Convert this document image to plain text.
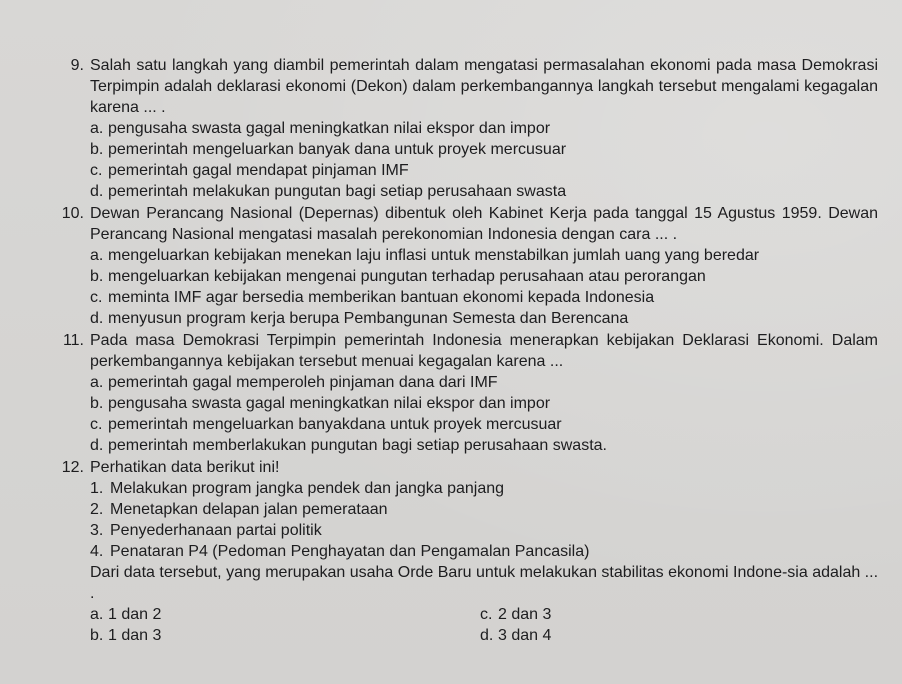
9. Salah satu langkah yang diambil pemerintah dalam mengatasi permasalahan ekonomi pada masa Demokrasi Terpimpin adalah deklarasi ekonomi (Dekon) dalam perkembangannya langkah tersebut mengalami kegagalan karena ... .
a. pengusaha swasta gagal meningkatkan nilai ekspor dan impor
b. pemerintah mengeluarkan banyak dana untuk proyek mercusuar
c. pemerintah gagal mendapat pinjaman IMF
d. pemerintah melakukan pungutan bagi setiap perusahaan swasta
10. Dewan Perancang Nasional (Depernas) dibentuk oleh Kabinet Kerja pada tanggal 15 Agustus 1959. Dewan Perancang Nasional mengatasi masalah perekonomian Indonesia dengan cara ... .
a. mengeluarkan kebijakan menekan laju inflasi untuk menstabilkan jumlah uang yang beredar
b. mengeluarkan kebijakan mengenai pungutan terhadap perusahaan atau perorangan
c. meminta IMF agar bersedia memberikan bantuan ekonomi kepada Indonesia
d. menyusun program kerja berupa Pembangunan Semesta dan Berencana
11. Pada masa Demokrasi Terpimpin pemerintah Indonesia menerapkan kebijakan Deklarasi Ekonomi. Dalam perkembangannya kebijakan tersebut menuai kegagalan karena ...
a. pemerintah gagal memperoleh pinjaman dana dari IMF
b. pengusaha swasta gagal meningkatkan nilai ekspor dan impor
c. pemerintah mengeluarkan banyakdana untuk proyek mercusuar
d. pemerintah memberlakukan pungutan bagi setiap perusahaan swasta.
12. Perhatikan data berikut ini!
1. Melakukan program jangka pendek dan jangka panjang
2. Menetapkan delapan jalan pemerataan
3. Penyederhanaan partai politik
4. Penataran P4 (Pedoman Penghayatan dan Pengamalan Pancasila)
Dari data tersebut, yang merupakan usaha Orde Baru untuk melakukan stabilitas ekonomi Indone-sia adalah ... .
a. 1 dan 2	c. 2 dan 3
b. 1 dan 3	d. 3 dan 4
